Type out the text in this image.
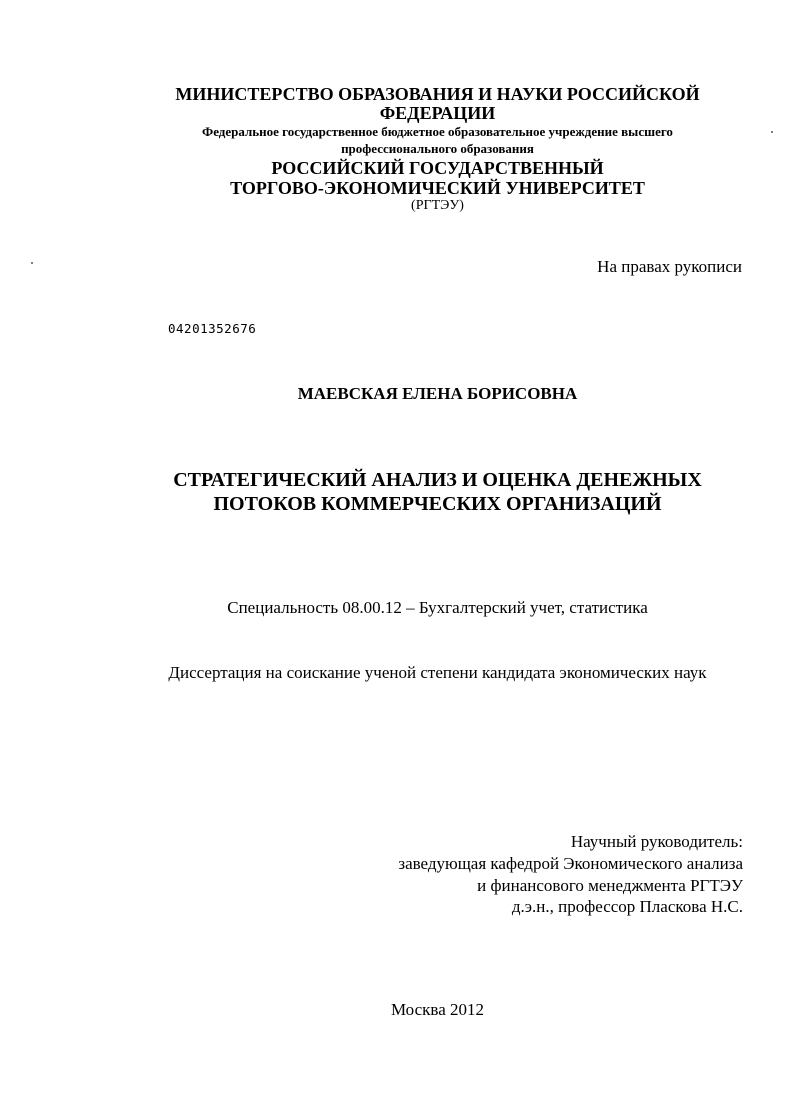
МИНИСТЕРСТВО ОБРАЗОВАНИЯ И НАУКИ РОССИЙСКОЙ
ФЕДЕРАЦИИ
Федеральное государственное бюджетное образовательное учреждение высшего
профессионального образования
РОССИЙСКИЙ ГОСУДАРСТВЕННЫЙ
ТОРГОВО-ЭКОНОМИЧЕСКИЙ УНИВЕРСИТЕТ
(РГТЭУ)
На правах рукописи
04201352676
МАЕВСКАЯ ЕЛЕНА БОРИСОВНА
СТРАТЕГИЧЕСКИЙ АНАЛИЗ И ОЦЕНКА ДЕНЕЖНЫХ
ПОТОКОВ КОММЕРЧЕСКИХ ОРГАНИЗАЦИЙ
Специальность 08.00.12 – Бухгалтерский учет, статистика
Диссертация на соискание ученой степени кандидата экономических наук
Научный руководитель:
заведующая кафедрой Экономического анализа
и финансового менеджмента РГТЭУ
д.э.н., профессор Пласкова Н.С.
Москва 2012
